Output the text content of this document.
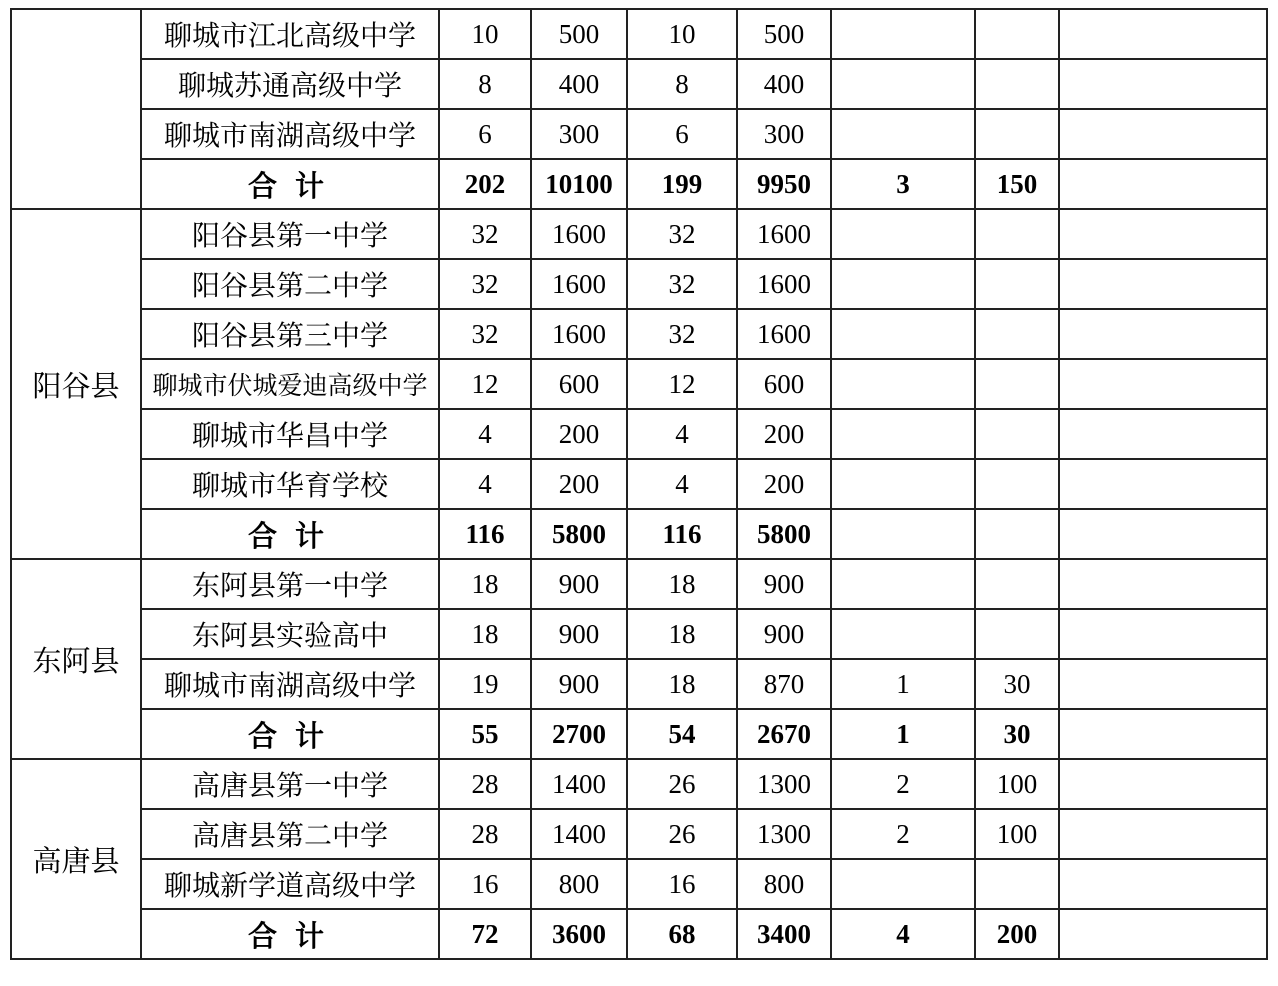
	聊城市江北高级中学	10	500	10	500			
	聊城苏通高级中学	8	400	8	400			
	聊城市南湖高级中学	6	300	6	300			
	合计	202	10100	199	9950	3	150	
阳谷县	阳谷县第一中学	32	1600	32	1600			
	阳谷县第二中学	32	1600	32	1600			
	阳谷县第三中学	32	1600	32	1600			
	聊城市伏城爱迪高级中学	12	600	12	600			
	聊城市华昌中学	4	200	4	200			
	聊城市华育学校	4	200	4	200			
	合计	116	5800	116	5800			
东阿县	东阿县第一中学	18	900	18	900			
	东阿县实验高中	18	900	18	900			
	聊城市南湖高级中学	19	900	18	870	1	30	
	合计	55	2700	54	2670	1	30	
高唐县	高唐县第一中学	28	1400	26	1300	2	100	
	高唐县第二中学	28	1400	26	1300	2	100	
	聊城新学道高级中学	16	800	16	800			
	合计	72	3600	68	3400	4	200	
